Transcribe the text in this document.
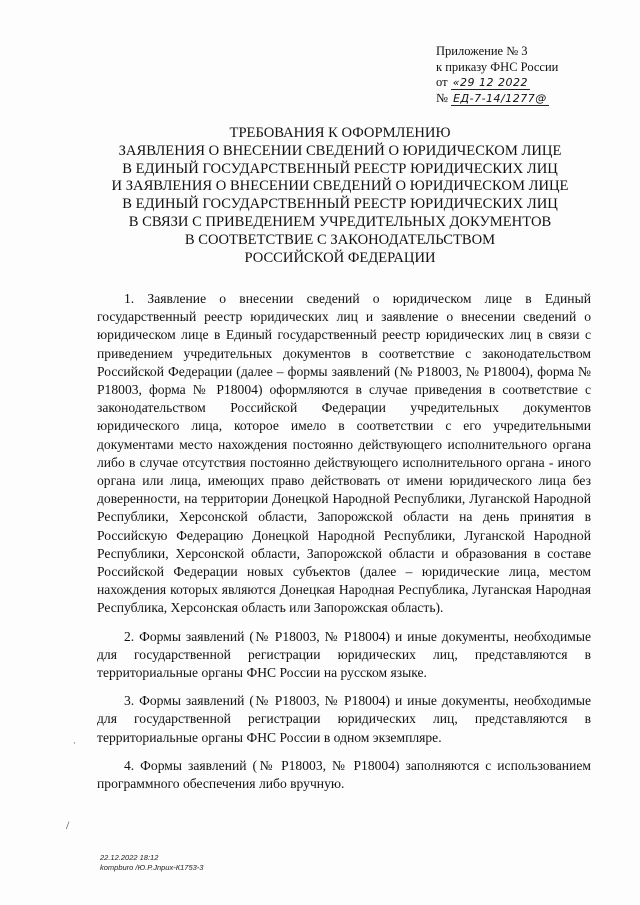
Приложение № 3
к приказу ФНС России
от «29 12 2022
№ ЕД-7-14/1277@
ТРЕБОВАНИЯ К ОФОРМЛЕНИЮ
ЗАЯВЛЕНИЯ О ВНЕСЕНИИ СВЕДЕНИЙ О ЮРИДИЧЕСКОМ ЛИЦЕ
В ЕДИНЫЙ ГОСУДАРСТВЕННЫЙ РЕЕСТР ЮРИДИЧЕСКИХ ЛИЦ
И ЗАЯВЛЕНИЯ О ВНЕСЕНИИ СВЕДЕНИЙ О ЮРИДИЧЕСКОМ ЛИЦЕ
В ЕДИНЫЙ ГОСУДАРСТВЕННЫЙ РЕЕСТР ЮРИДИЧЕСКИХ ЛИЦ
В СВЯЗИ С ПРИВЕДЕНИЕМ УЧРЕДИТЕЛЬНЫХ ДОКУМЕНТОВ
В СООТВЕТСТВИЕ С ЗАКОНОДАТЕЛЬСТВОМ
РОССИЙСКОЙ ФЕДЕРАЦИИ

1. Заявление о внесении сведений о юридическом лице в Единый государственный реестр юридических лиц и заявление о внесении сведений о юридическом лице в Единый государственный реестр юридических лиц в связи с приведением учредительных документов в соответствие с законодательством Российской Федерации (далее – формы заявлений (№ Р18003, № Р18004), форма № Р18003, форма № Р18004) оформляются в случае приведения в соответствие с законодательством Российской Федерации учредительных документов юридического лица, которое имело в соответствии с его учредительными документами место нахождения постоянно действующего исполнительного органа либо в случае отсутствия постоянно действующего исполнительного органа - иного органа или лица, имеющих право действовать от имени юридического лица без доверенности, на территории Донецкой Народной Республики, Луганской Народной Республики, Херсонской области, Запорожской области на день принятия в Российскую Федерацию Донецкой Народной Республики, Луганской Народной Республики, Херсонской области, Запорожской области и образования в составе Российской Федерации новых субъектов (далее – юридические лица, местом нахождения которых являются Донецкая Народная Республика, Луганская Народная Республика, Херсонская область или Запорожская область).

2. Формы заявлений (№ Р18003, № Р18004) и иные документы, необходимые для государственной регистрации юридических лиц, представляются в территориальные органы ФНС России на русском языке.

3. Формы заявлений (№ Р18003, № Р18004) и иные документы, необходимые для государственной регистрации юридических лиц, представляются в территориальные органы ФНС России в одном экземпляре.

4. Формы заявлений (№ Р18003, № Р18004) заполняются с использованием программного обеспечения либо вручную.

·
/
22.12.2022 18:12
kompburo /Ю.Р.Jnpux-К1753-3
